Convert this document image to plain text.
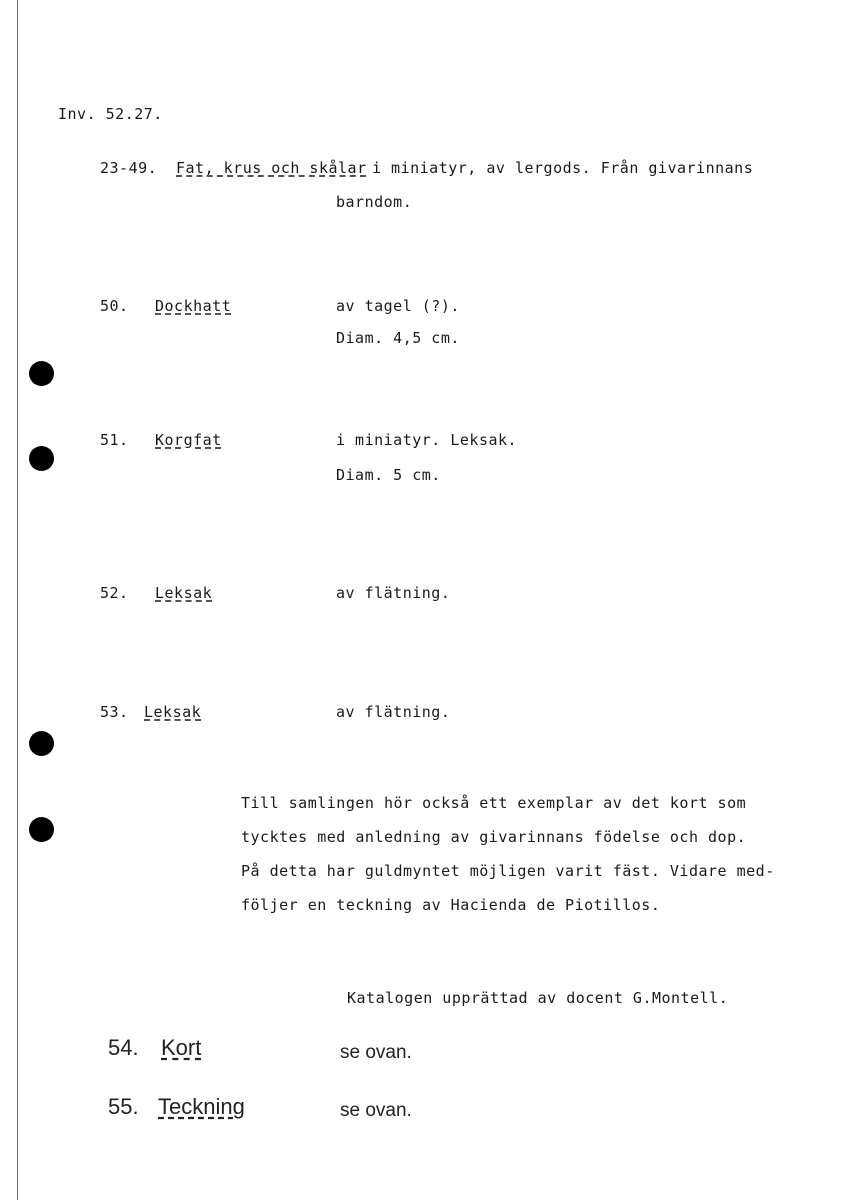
Inv. 52.27.
23-49. Fat, krus och skålar i miniatyr, av lergods. Från givarinnans
barndom.
50. Dockhatt	av tagel (?).
Diam. 4,5 cm.
51. Korgfat	i miniatyr. Leksak.
Diam. 5 cm.
52. Leksak	av flätning.
53. Leksak	av flätning.
Till samlingen hör också ett exemplar av det kort som
tycktes med anledning av givarinnans födelse och dop.
På detta har guldmyntet möjligen varit fäst. Vidare med-
följer en teckning av Hacienda de Piotillos.
Katalogen upprättad av docent G.Montell.
54. Kort	se ovan.
55. Teckning	se ovan.
